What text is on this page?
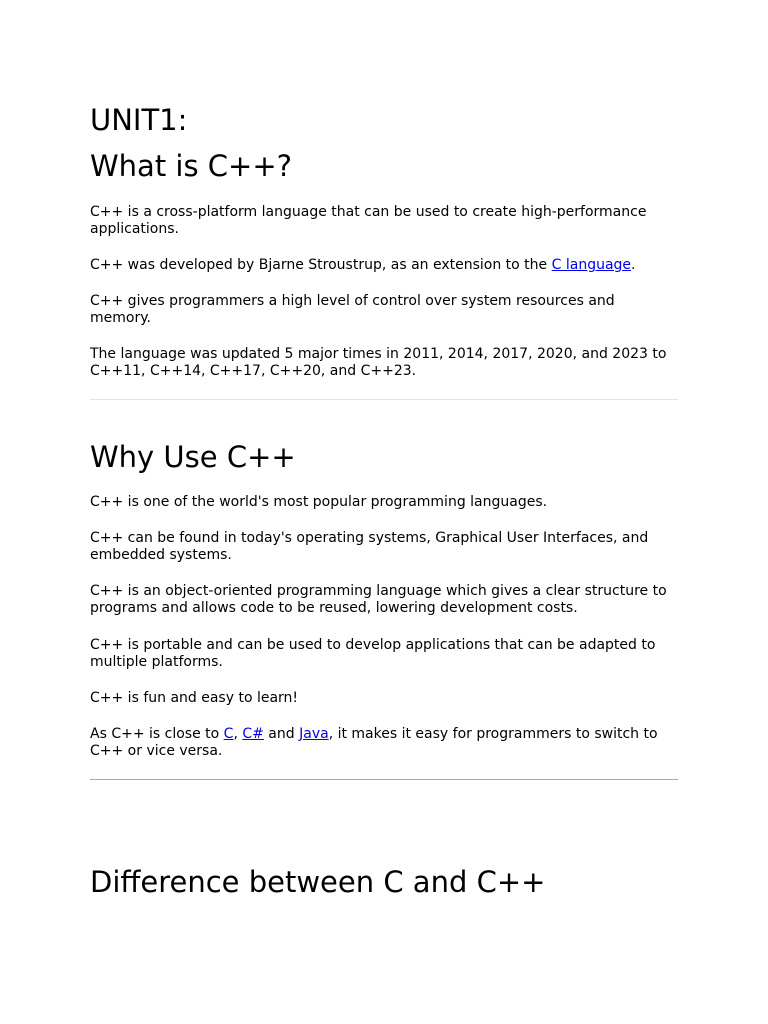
UNIT1:
What is C++?

C++ is a cross-platform language that can be used to create high-performance applications.

C++ was developed by Bjarne Stroustrup, as an extension to the C language.

C++ gives programmers a high level of control over system resources and memory.

The language was updated 5 major times in 2011, 2014, 2017, 2020, and 2023 to C++11, C++14, C++17, C++20, and C++23.

Why Use C++

C++ is one of the world's most popular programming languages.

C++ can be found in today's operating systems, Graphical User Interfaces, and embedded systems.

C++ is an object-oriented programming language which gives a clear structure to programs and allows code to be reused, lowering development costs.

C++ is portable and can be used to develop applications that can be adapted to multiple platforms.

C++ is fun and easy to learn!

As C++ is close to C, C# and Java, it makes it easy for programmers to switch to C++ or vice versa.

Difference between C and C++
